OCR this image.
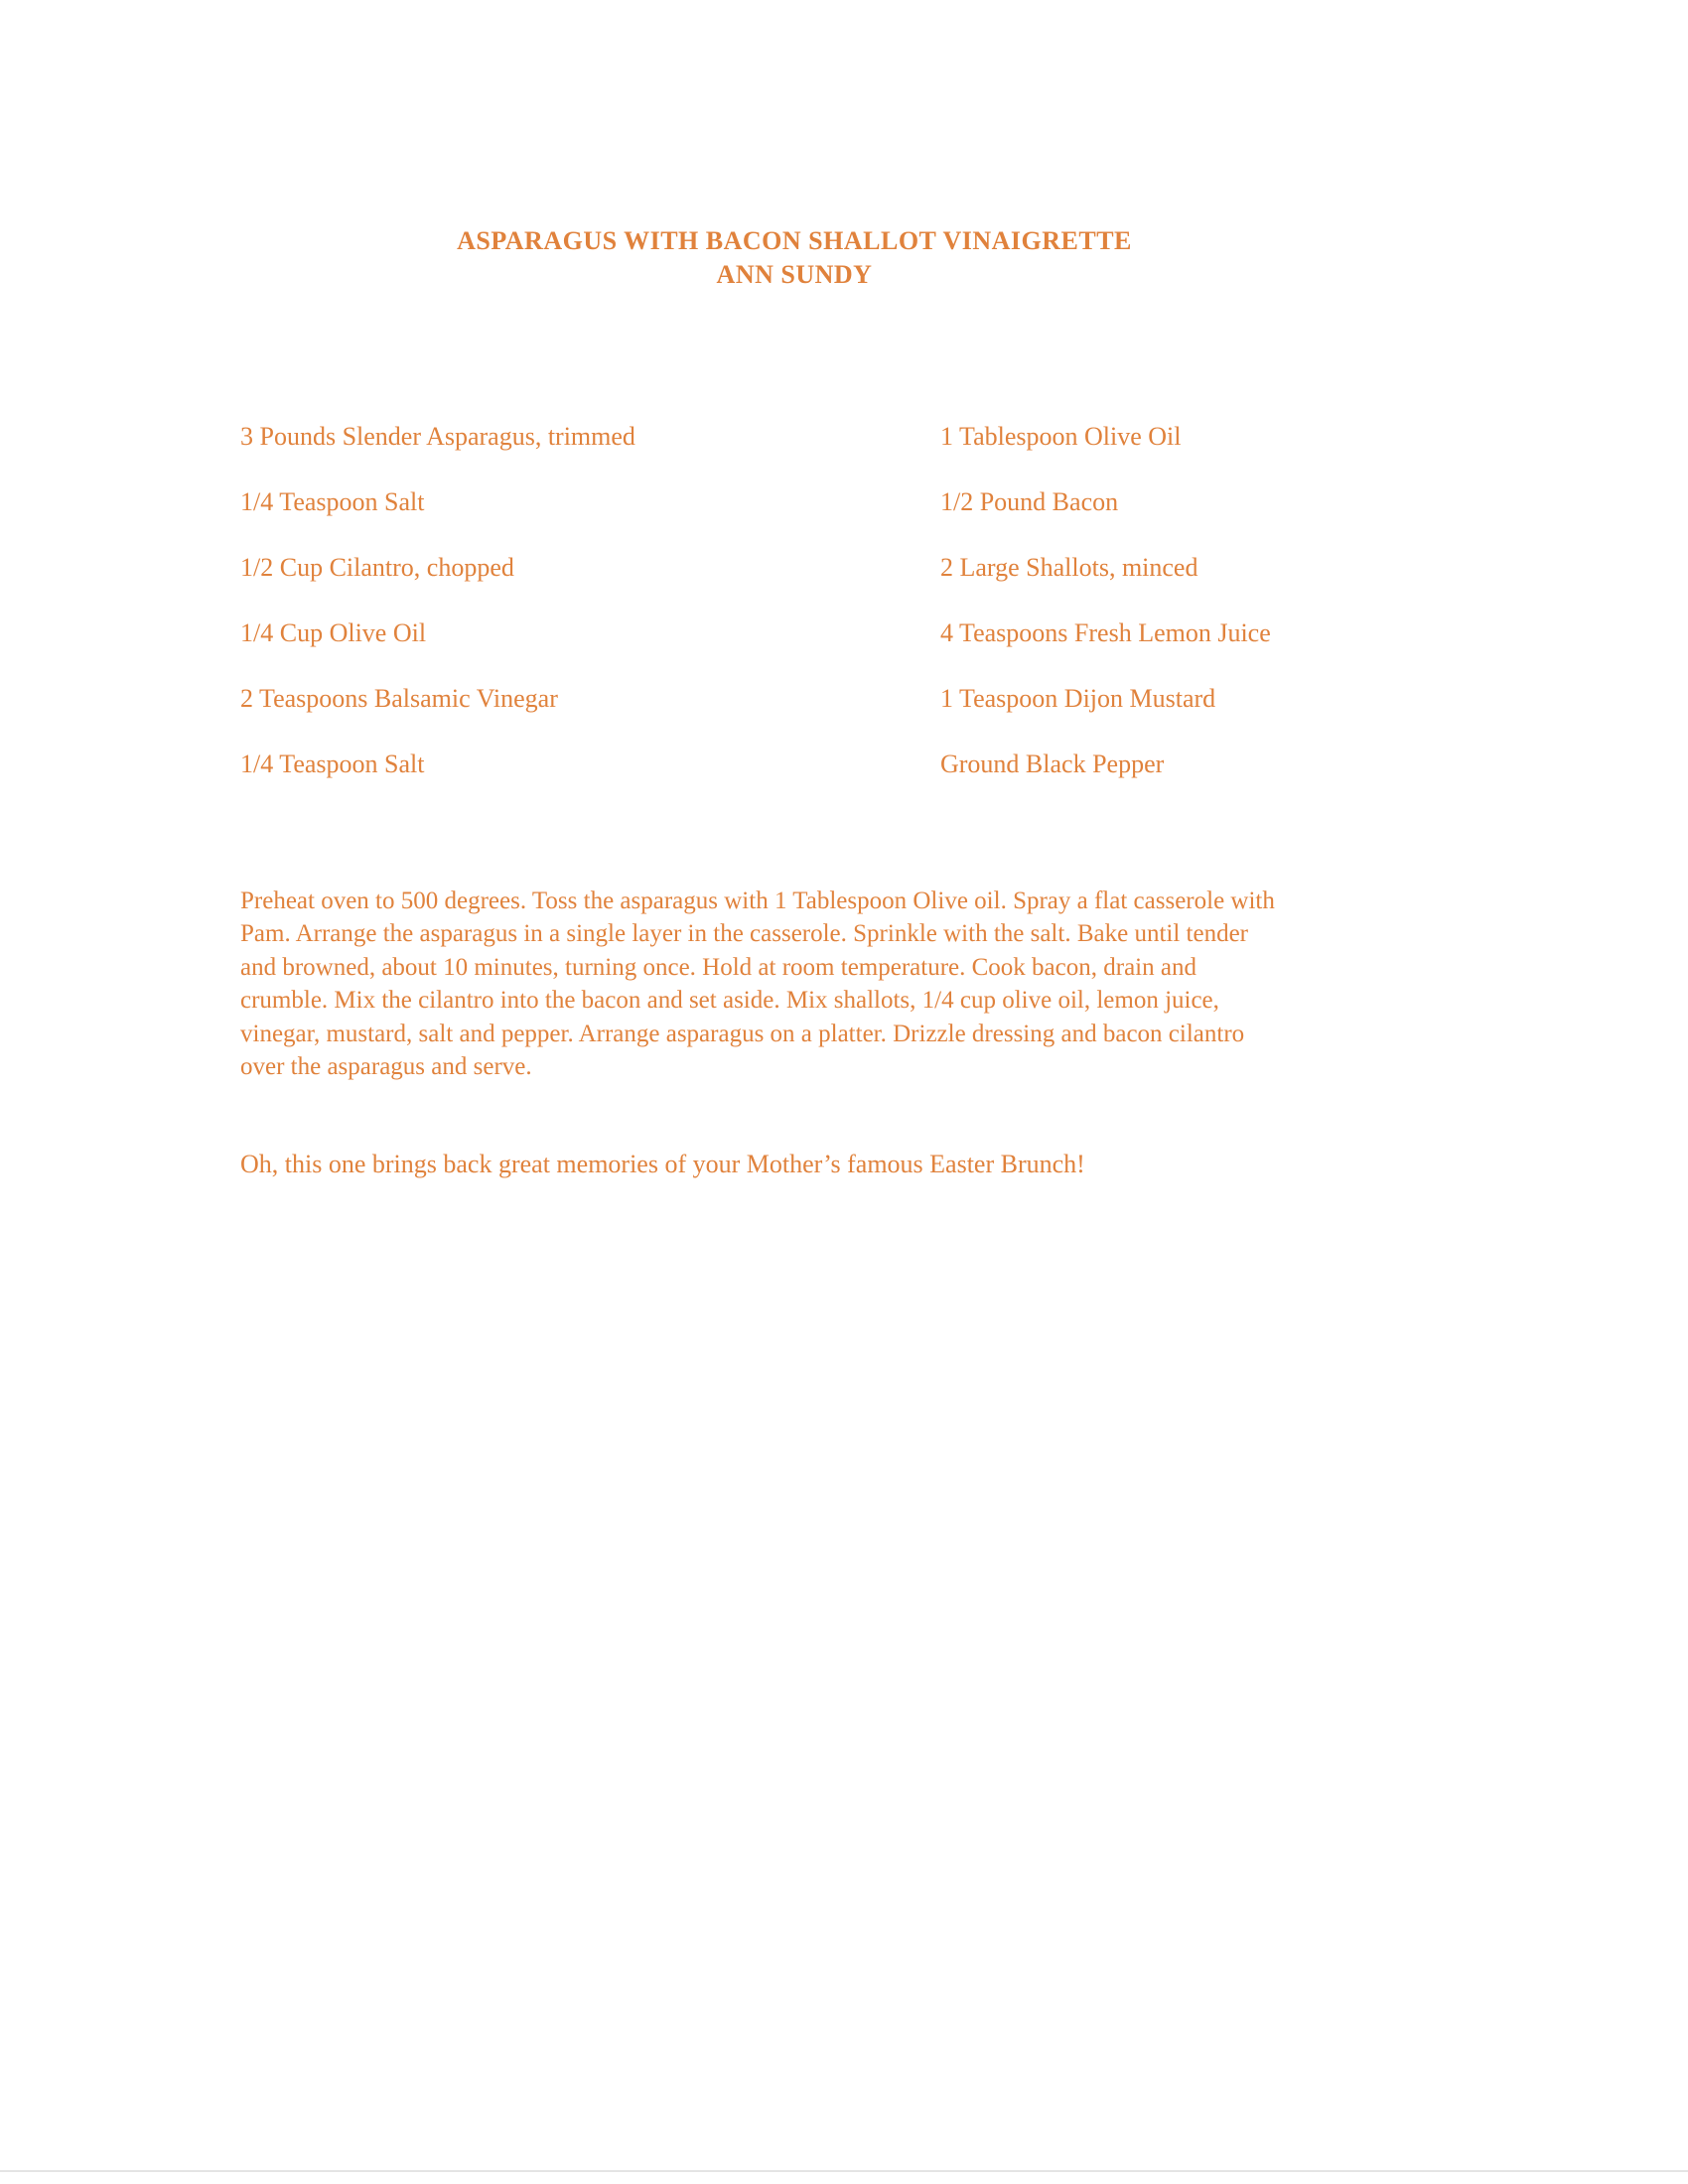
ASPARAGUS WITH BACON SHALLOT VINAIGRETTE
ANN SUNDY
3 Pounds Slender Asparagus, trimmed	1 Tablespoon Olive Oil
1/4 Teaspoon Salt	1/2 Pound Bacon
1/2 Cup Cilantro, chopped	2 Large Shallots, minced
1/4 Cup Olive Oil	4 Teaspoons Fresh Lemon Juice
2 Teaspoons Balsamic Vinegar	1 Teaspoon Dijon Mustard
1/4 Teaspoon Salt	Ground Black Pepper
Preheat oven to 500 degrees. Toss the asparagus with 1 Tablespoon Olive oil. Spray a flat casserole with
Pam. Arrange the asparagus in a single layer in the casserole. Sprinkle with the salt. Bake until tender
and browned, about 10 minutes, turning once. Hold at room temperature. Cook bacon, drain and
crumble. Mix the cilantro into the bacon and set aside. Mix shallots, 1/4 cup olive oil, lemon juice,
vinegar, mustard, salt and pepper. Arrange asparagus on a platter. Drizzle dressing and bacon cilantro
over the asparagus and serve.
Oh, this one brings back great memories of your Mother’s famous Easter Brunch!
